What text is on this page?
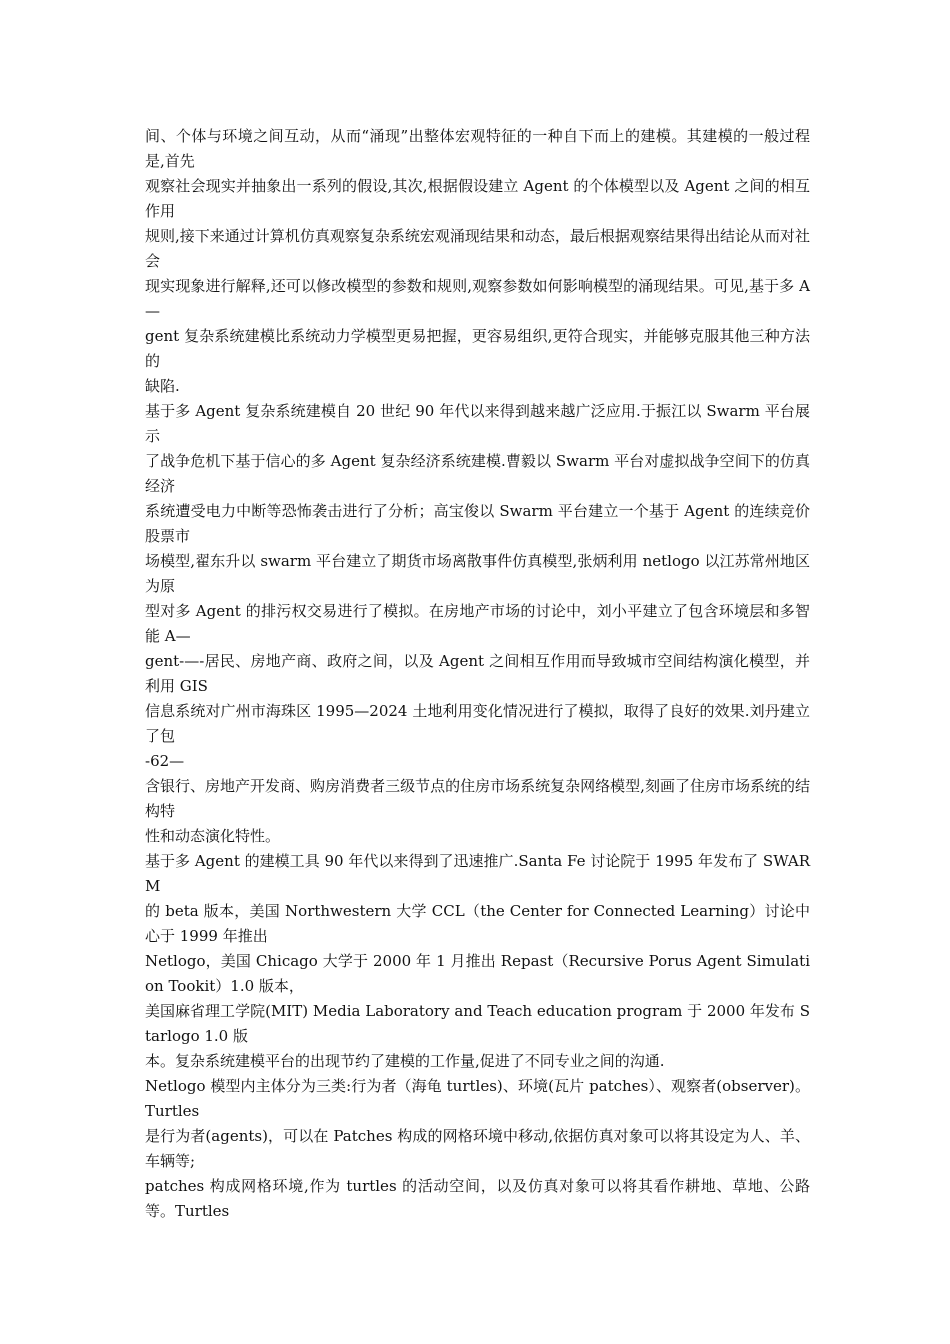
间、个体与环境之间互动，从而“涌现”出整体宏观特征的一种自下而上的建模。其建模的一般过程是,首先

观察社会现实并抽象出一系列的假设,其次,根据假设建立 Agent 的个体模型以及 Agent 之间的相互作用

规则,接下来通过计算机仿真观察复杂系统宏观涌现结果和动态，最后根据观察结果得出结论从而对社会

现实现象进行解释,还可以修改模型的参数和规则,观察参数如何影响模型的涌现结果。可见,基于多 A—

gent 复杂系统建模比系统动力学模型更易把握，更容易组织,更符合现实，并能够克服其他三种方法的

缺陷.

基于多 Agent 复杂系统建模自 20 世纪 90 年代以来得到越来越广泛应用.于振江以 Swarm 平台展示

了战争危机下基于信心的多 Agent 复杂经济系统建模.曹毅以 Swarm 平台对虚拟战争空间下的仿真经济

系统遭受电力中断等恐怖袭击进行了分析；高宝俊以 Swarm 平台建立一个基于 Agent 的连续竞价股票市

场模型,翟东升以 swarm 平台建立了期货市场离散事件仿真模型,张炳利用 netlogo 以江苏常州地区为原

型对多 Agent 的排污权交易进行了模拟。在房地产市场的讨论中，刘小平建立了包含环境层和多智能 A—

gent-—-居民、房地产商、政府之间，以及 Agent 之间相互作用而导致城市空间结构演化模型，并利用 GIS

信息系统对广州市海珠区 1995—2024 土地利用变化情况进行了模拟，取得了良好的效果.刘丹建立了包

-62—

含银行、房地产开发商、购房消费者三级节点的住房市场系统复杂网络模型,刻画了住房市场系统的结构特

性和动态演化特性。

基于多 Agent 的建模工具 90 年代以来得到了迅速推广.Santa Fe 讨论院于 1995 年发布了 SWARM

的 beta 版本，美国 Northwestern 大学 CCL（the Center for Connected Learning）讨论中心于 1999 年推出

Netlogo，美国 Chicago 大学于 2000 年 1 月推出 Repast（Recursive Porus Agent Simulation Tookit）1.0 版本，

美国麻省理工学院(MIT) Media Laboratory and Teach education program 于 2000 年发布 Starlogo 1.0 版

本。复杂系统建模平台的出现节约了建模的工作量,促进了不同专业之间的沟通.

Netlogo 模型内主体分为三类:行为者（海龟 turtles)、环境(瓦片 patches）、观察者(observer)。Turtles

是行为者(agents)，可以在 Patches 构成的网格环境中移动,依据仿真对象可以将其设定为人、羊、车辆等;

patches 构成网格环境,作为 turtles 的活动空间，以及仿真对象可以将其看作耕地、草地、公路等。Turtles
